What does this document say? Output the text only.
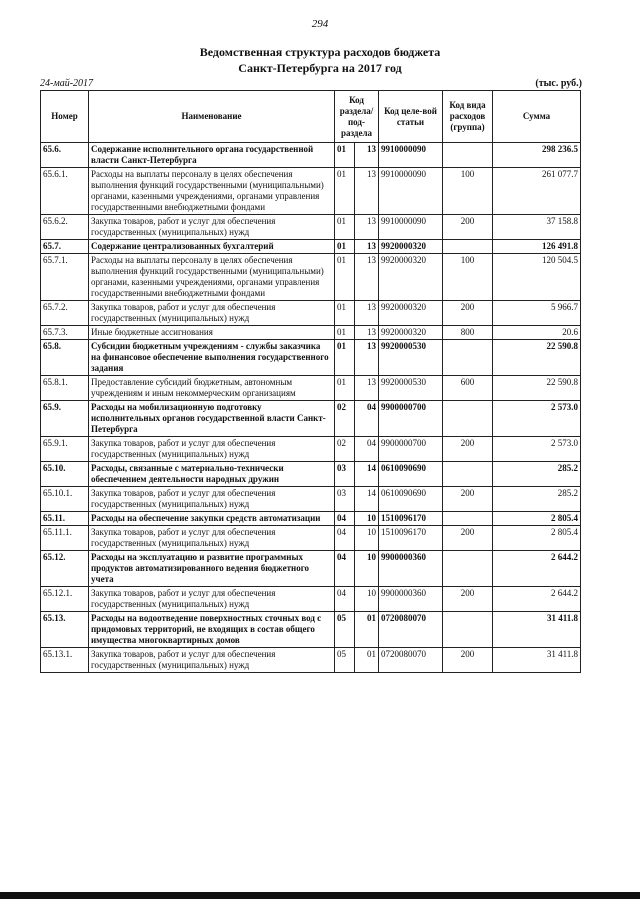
294
Ведомственная структура расходов бюджета
Санкт-Петербурга на 2017 год
24-май-2017	(тыс. руб.)
Номер	Наименование	Код раздела/ под-раздела		Код целе-вой статьи	Код вида расходов (группа)	Сумма
65.6.	Содержание исполнительного органа государственной власти Санкт-Петербурга	01	13	9910000090		298 236.5
65.6.1.	Расходы на выплаты персоналу в целях обеспечения выполнения функций государственными (муниципальными) органами, казенными учреждениями, органами управления государственными внебюджетными фондами	01	13	9910000090	100	261 077.7
65.6.2.	Закупка товаров, работ и услуг для обеспечения государственных (муниципальных) нужд	01	13	9910000090	200	37 158.8
65.7.	Содержание централизованных бухгалтерий	01	13	9920000320		126 491.8
65.7.1.	Расходы на выплаты персоналу в целях обеспечения выполнения функций государственными (муниципальными) органами, казенными учреждениями, органами управления государственными внебюджетными фондами	01	13	9920000320	100	120 504.5
65.7.2.	Закупка товаров, работ и услуг для обеспечения государственных (муниципальных) нужд	01	13	9920000320	200	5 966.7
65.7.3.	Иные бюджетные ассигнования	01	13	9920000320	800	20.6
65.8.	Субсидии бюджетным учреждениям - службы заказчика на финансовое обеспечение выполнения государственного задания	01	13	9920000530		22 590.8
65.8.1.	Предоставление субсидий бюджетным, автономным учреждениям и иным некоммерческим организациям	01	13	9920000530	600	22 590.8
65.9.	Расходы на мобилизационную подготовку исполнительных органов государственной власти Санкт-Петербурга	02	04	9900000700		2 573.0
65.9.1.	Закупка товаров, работ и услуг для обеспечения государственных (муниципальных) нужд	02	04	9900000700	200	2 573.0
65.10.	Расходы, связанные с материально-технически обеспечением деятельности народных дружин	03	14	0610090690		285.2
65.10.1.	Закупка товаров, работ и услуг для обеспечения государственных (муниципальных) нужд	03	14	0610090690	200	285.2
65.11.	Расходы на обеспечение закупки средств автоматизации	04	10	1510096170		2 805.4
65.11.1.	Закупка товаров, работ и услуг для обеспечения государственных (муниципальных) нужд	04	10	1510096170	200	2 805.4
65.12.	Расходы на эксплуатацию и развитие программных продуктов автоматизированного ведения бюджетного учета	04	10	9900000360		2 644.2
65.12.1.	Закупка товаров, работ и услуг для обеспечения государственных (муниципальных) нужд	04	10	9900000360	200	2 644.2
65.13.	Расходы на водоотведение поверхностных сточных вод с придомовых территорий, не входящих в состав общего имущества многоквартирных домов	05	01	0720080070		31 411.8
65.13.1.	Закупка товаров, работ и услуг для обеспечения государственных (муниципальных) нужд	05	01	0720080070	200	31 411.8
